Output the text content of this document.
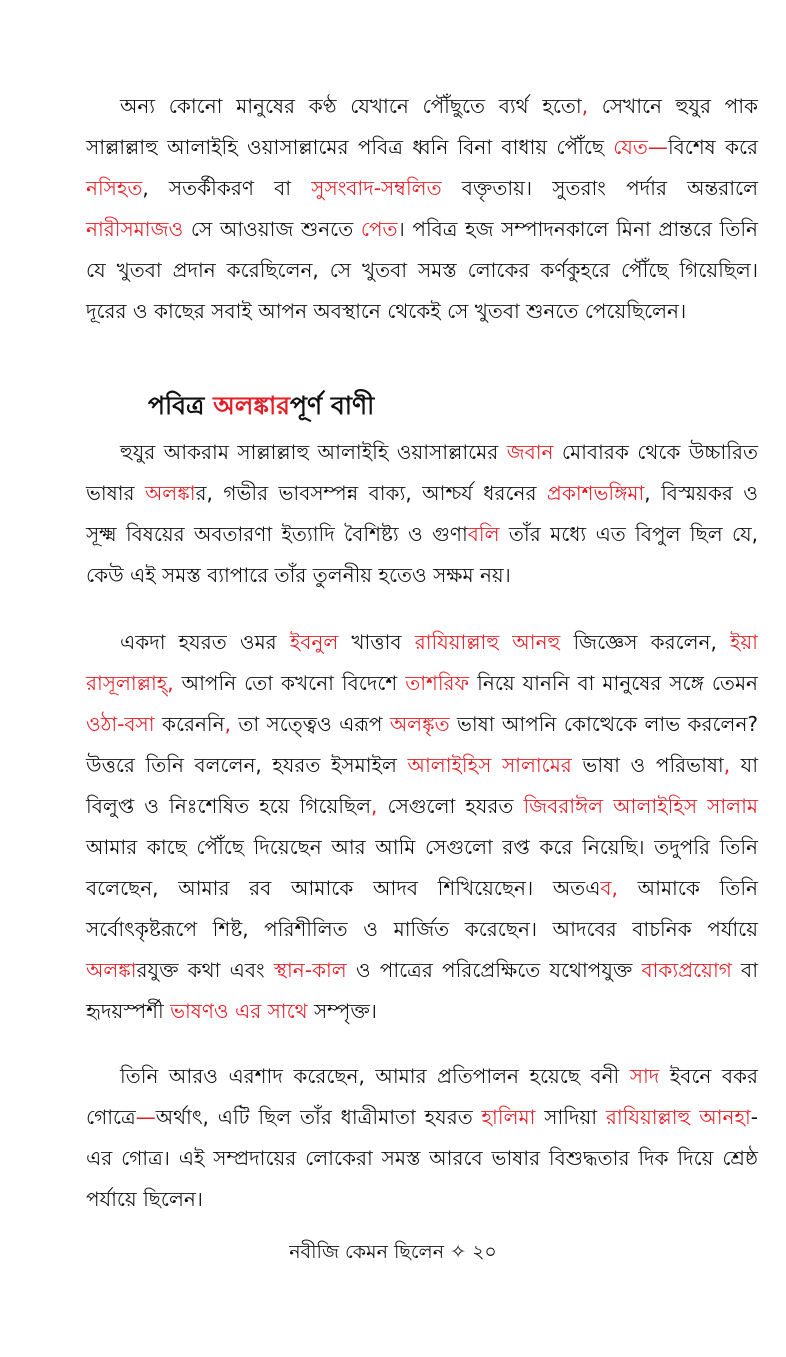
অন্য কোনো মানুষের কণ্ঠ যেখানে পৌঁছুতে ব্যর্থ হতো, সেখানে হুযুর পাক সাল্লাল্লাহু আলাইহি ওয়াসাল্লামের পবিত্র ধ্বনি বিনা বাধায় পৌঁছে যেত—বিশেষ করে নসিহত, সতর্কীকরণ বা সুসংবাদ-সম্বলিত বক্তৃতায়। সুতরাং পর্দার অন্তরালে নারীসমাজও সে আওয়াজ শুনতে পেত। পবিত্র হজ সম্পাদনকালে মিনা প্রান্তরে তিনি যে খুতবা প্রদান করেছিলেন, সে খুতবা সমস্ত লোকের কর্ণকুহরে পৌঁছে গিয়েছিল। দূরের ও কাছের সবাই আপন অবস্থানে থেকেই সে খুতবা শুনতে পেয়েছিলেন।

পবিত্র অলঙ্কারপূর্ণ বাণী

হুযুর আকরাম সাল্লাল্লাহু আলাইহি ওয়াসাল্লামের জবান মোবারক থেকে উচ্চারিত ভাষার অলঙ্কার, গভীর ভাবসম্পন্ন বাক্য, আশ্চর্য ধরনের প্রকাশভঙ্গিমা, বিস্ময়কর ও সূক্ষ্ম বিষয়ের অবতারণা ইত্যাদি বৈশিষ্ট্য ও গুণাবলি তাঁর মধ্যে এত বিপুল ছিল যে, কেউ এই সমস্ত ব্যাপারে তাঁর তুলনীয় হতেও সক্ষম নয়।

একদা হযরত ওমর ইবনুল খাত্তাব রাযিয়াল্লাহু আনহু জিজ্ঞেস করলেন, ইয়া রাসূলাল্লাহ্, আপনি তো কখনো বিদেশে তাশরিফ নিয়ে যাননি বা মানুষের সঙ্গে তেমন ওঠা-বসা করেননি, তা সত্ত্বেও এরূপ অলঙ্কৃত ভাষা আপনি কোত্থেকে লাভ করলেন? উত্তরে তিনি বললেন, হযরত ইসমাইল আলাইহিস সালামের ভাষা ও পরিভাষা, যা বিলুপ্ত ও নিঃশেষিত হয়ে গিয়েছিল, সেগুলো হযরত জিবরাঈল আলাইহিস সালাম আমার কাছে পৌঁছে দিয়েছেন আর আমি সেগুলো রপ্ত করে নিয়েছি। তদুপরি তিনি বলেছেন, আমার রব আমাকে আদব শিখিয়েছেন। অতএব, আমাকে তিনি সর্বোৎকৃষ্টরূপে শিষ্ট, পরিশীলিত ও মার্জিত করেছেন। আদবের বাচনিক পর্যায়ে অলঙ্কারযুক্ত কথা এবং স্থান-কাল ও পাত্রের পরিপ্রেক্ষিতে যথোপযুক্ত বাক্যপ্রয়োগ বা হৃদয়স্পর্শী ভাষণও এর সাথে সম্পৃক্ত।

তিনি আরও এরশাদ করেছেন, আমার প্রতিপালন হয়েছে বনী সাদ ইবনে বকর গোত্রে—অর্থাৎ, এটি ছিল তাঁর ধাত্রীমাতা হযরত হালিমা সাদিয়া রাযিয়াল্লাহু আনহা-এর গোত্র। এই সম্প্রদায়ের লোকেরা সমস্ত আরবে ভাষার বিশুদ্ধতার দিক দিয়ে শ্রেষ্ঠ পর্যায়ে ছিলেন।

নবীজি কেমন ছিলেন ✧ ২০
